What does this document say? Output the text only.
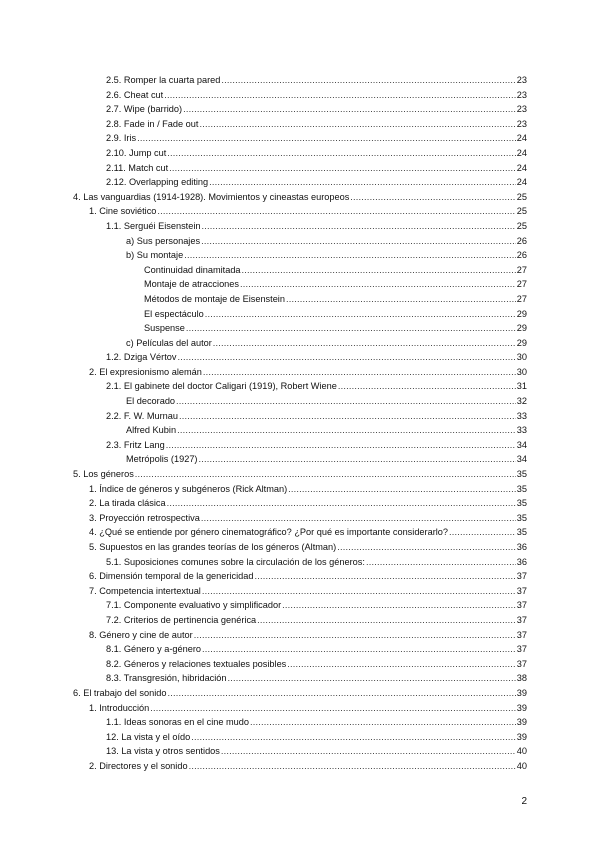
2.5. Romper la cuarta pared .....	23
2.6. Cheat cut .....	23
2.7. Wipe (barrido) .....	23
2.8. Fade in / Fade out .....	23
2.9. Iris .....	24
2.10. Jump cut .....	24
2.11. Match cut .....	24
2.12. Overlapping editing .....	24
4. Las vanguardias (1914-1928). Movimientos y cineastas europeos .....	25
1. Cine soviético .....	25
1.1. Serguéi Eisenstein .....	25
a) Sus personajes .....	26
b) Su montaje .....	26
Continuidad dinamitada .....	27
Montaje de atracciones .....	27
Métodos de montaje de Eisenstein .....	27
El espectáculo .....	29
Suspense .....	29
c) Películas del autor .....	29
1.2. Dziga Vértov .....	30
2. El expresionismo alemán .....	30
2.1. El gabinete del doctor Caligari (1919), Robert Wiene .....	31
El decorado .....	32
2.2. F. W. Murnau .....	33
Alfred Kubin .....	33
2.3. Fritz Lang .....	34
Metrópolis (1927) .....	34
5. Los géneros .....	35
1. Índice de géneros y subgéneros (Rick Altman) .....	35
2. La tirada clásica .....	35
3. Proyección retrospectiva .....	35
4. ¿Qué se entiende por género cinematográfico? ¿Por qué es importante considerarlo? .....	35
5. Supuestos en las grandes teorías de los géneros (Altman) .....	36
5.1. Suposiciones comunes sobre la circulación de los géneros: .....	36
6. Dimensión temporal de la genericidad .....	37
7. Competencia intertextual .....	37
7.1. Componente evaluativo y simplificador .....	37
7.2. Criterios de pertinencia genérica .....	37
8. Género y cine de autor .....	37
8.1. Género y a-género .....	37
8.2. Géneros y relaciones textuales posibles .....	37
8.3. Transgresión, hibridación .....	38
6. El trabajo del sonido .....	39
1. Introducción .....	39
1.1. Ideas sonoras en el cine mudo .....	39
12. La vista y el oído .....	39
13. La vista y otros sentidos .....	40
2. Directores y el sonido .....	40
2
